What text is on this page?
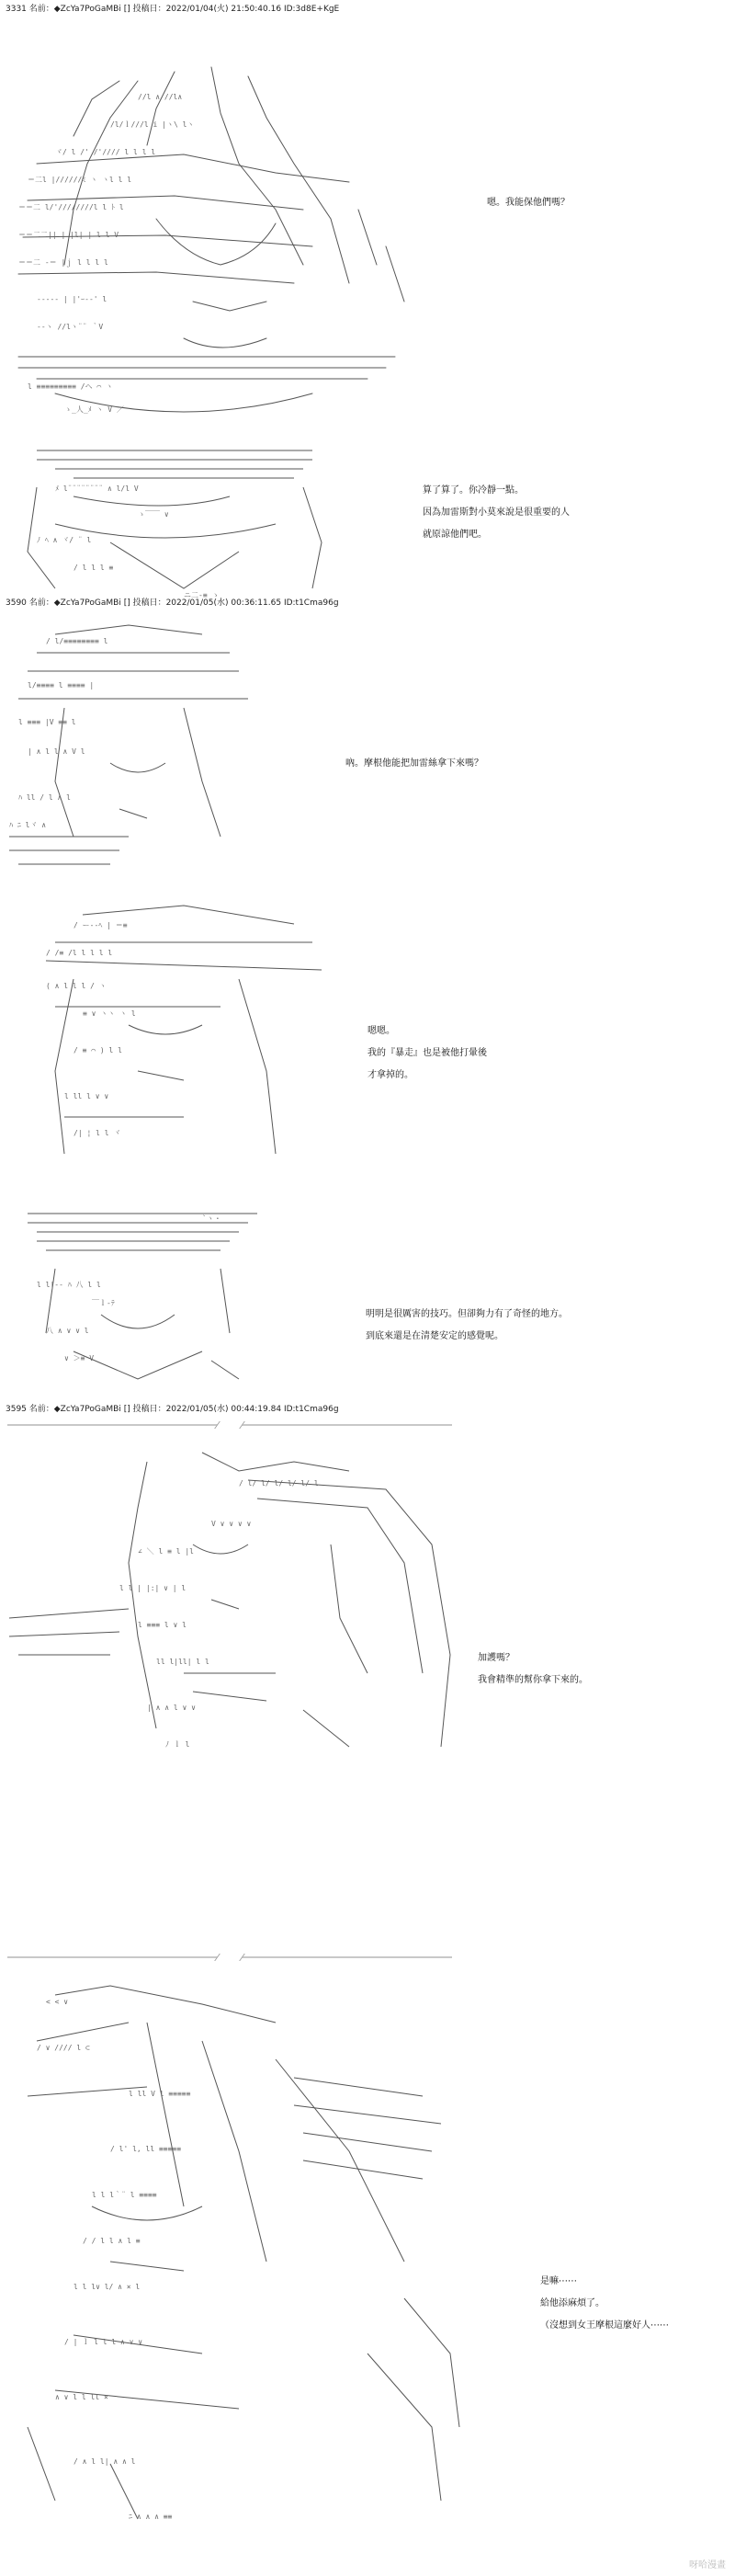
3331 名前：◆ZcYa7PoGaMBi [] 投稿日：2022/01/04(火) 21:50:40.16 ID:3d8E+KgE
//l ∧ //l∧
/l/ｌ///l i |ヽ\ lヽ
ヾ/ l /' /'//// l l l l
＝二l |//////ﾐ ヽ ヽl l l
＝＝二 l/'////////l l ﾄ l
＝＝二二|| | |l| | l l V
＝＝二 -＝ |ｊ l l l l
----- | |'ｰ--' l
--ヽ //lヽ¨¨ ｀V
l ≡≡≡≡≡≡≡≡≡ /ヘ ⌒ ヽ
ゝ_人_ﾒ ヽ V ／

嗯。我能保他們嗎？

ﾒ l¨¨¨¨¨¨¨¨ ∧ l/l V
ゝ￣￣ ∨
ﾉ ﾍ ∧ ヾ/ ¨ l
/ l l l ≡
ニ二-≡ ゝ

算了算了。你冷靜一點。

因為加雷斯對小莫來說是很重要的人

就原諒他們吧。

3590 名前：◆ZcYa7PoGaMBi [] 投稿日：2022/01/05(水) 00:36:11.65 ID:t1Cma96g
/ l/≡≡≡≡≡≡≡≡ l
l/≡≡≡≡ l ≡≡≡≡ |
l ≡≡≡ |V ≡≡ l
| ∧ l l ∧ V l
ﾊ ll / l ∧ l
ﾊ ﾆ lヾ ∧

吶。摩根他能把加雷絲拿下來嗎？

/ ー--ﾍ | ＝≡
/ /≡ /l l l l l
( ∧ l l l / ヽ
≡ ∨ ヽヽ ヽ l
/ ≡ ⌒ ) l l
l ll l ∨ ∨
/| ¦ l l ヾ

嗯嗯。

我的『暴走』也是被他打暈後

才拿掉的。

`ヽ・
l l|-- ﾊ 八 l l
￣ｌ‐ﾃ
八 ∧ ∨ ∨ l
∨ ＞≡ V

明明是很厲害的技巧。但卻夠力有了奇怪的地方。

到底來還是在清楚安定的感覺呢。

3595 名前：◆ZcYa7PoGaMBi [] 投稿日：2022/01/05(水) 00:44:19.84 ID:t1Cma96g
/ l/ l/ l/ l/ l/ l
V ∨ ∨ ∨ ∨
∠ ＼ l ≡ l |l
l l | |:| ∨ | l
l ≡≡≡ l ∨ l
ll l|ll| l l
| ∧ ∧ l ∨ ∨
ﾉ ｌ l

加護嗎？

我會精準的幫你拿下來的。

< < ∨
/ ∨ //// l ⊂
l ll V l ≡≡≡≡≡
/ l' l, ll ≡≡≡≡≡
l l l｀¨ l ≡≡≡≡
/ / l l ∧ l ≡
l l l∨ l/ ∧ × l
/ | ｌ l l l ∧ ∨ ∨
∧ ∨ l l ll ×
/ ∧ l l| ∧ ∧ l
ﾆ ∧ ∧ ∧ ≡≡

是嘛⋯⋯

給他添麻煩了。

（沒想到女王摩根這麼好人⋯⋯

呀哈漫畫
